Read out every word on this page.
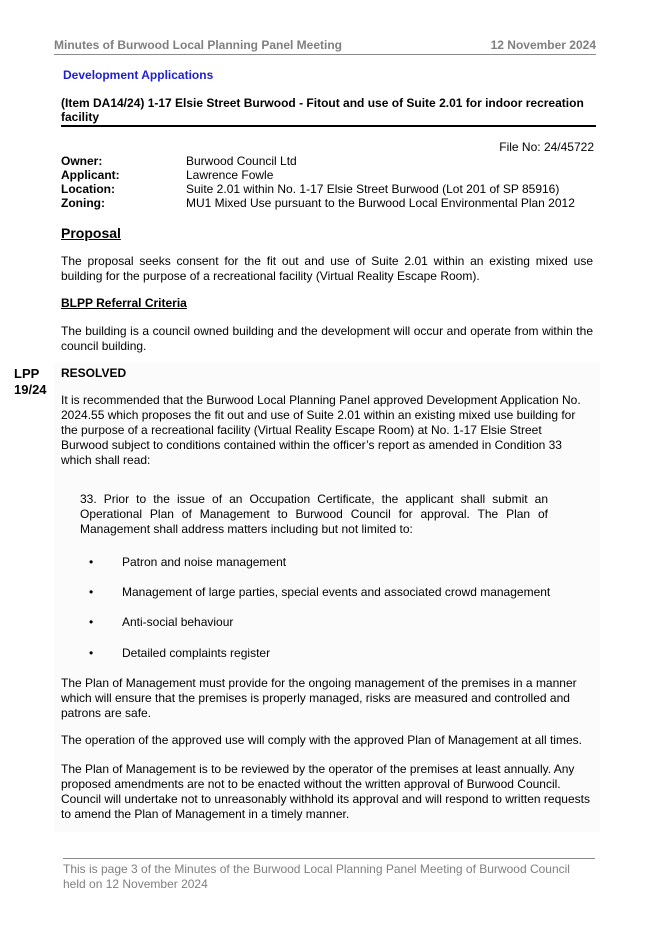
Minutes of Burwood Local Planning Panel Meeting	12 November 2024
Development Applications
(Item DA14/24) 1-17 Elsie Street Burwood - Fitout and use of Suite 2.01 for indoor recreation facility
File No: 24/45722
Owner:	Burwood Council Ltd
Applicant:	Lawrence Fowle
Location:	Suite 2.01 within No. 1-17 Elsie Street Burwood (Lot 201 of SP 85916)
Zoning:	MU1 Mixed Use pursuant to the Burwood Local Environmental Plan 2012
Proposal
The proposal seeks consent for the fit out and use of Suite 2.01 within an existing mixed use building for the purpose of a recreational facility (Virtual Reality Escape Room).
BLPP Referral Criteria
The building is a council owned building and the development will occur and operate from within the council building.
LPP
19/24
RESOLVED
It is recommended that the Burwood Local Planning Panel approved Development Application No. 2024.55 which proposes the fit out and use of Suite 2.01 within an existing mixed use building for the purpose of a recreational facility (Virtual Reality Escape Room) at No. 1-17 Elsie Street Burwood subject to conditions contained within the officer’s report as amended in Condition 33 which shall read:
33. Prior to the issue of an Occupation Certificate, the applicant shall submit an Operational Plan of Management to Burwood Council for approval. The Plan of Management shall address matters including but not limited to:
•	Patron and noise management
•	Management of large parties, special events and associated crowd management
•	Anti-social behaviour
•	Detailed complaints register
The Plan of Management must provide for the ongoing management of the premises in a manner which will ensure that the premises is properly managed, risks are measured and controlled and patrons are safe.
The operation of the approved use will comply with the approved Plan of Management at all times.
The Plan of Management is to be reviewed by the operator of the premises at least annually. Any proposed amendments are not to be enacted without the written approval of Burwood Council. Council will undertake not to unreasonably withhold its approval and will respond to written requests to amend the Plan of Management in a timely manner.
This is page 3 of the Minutes of the Burwood Local Planning Panel Meeting of Burwood Council held on 12 November 2024
